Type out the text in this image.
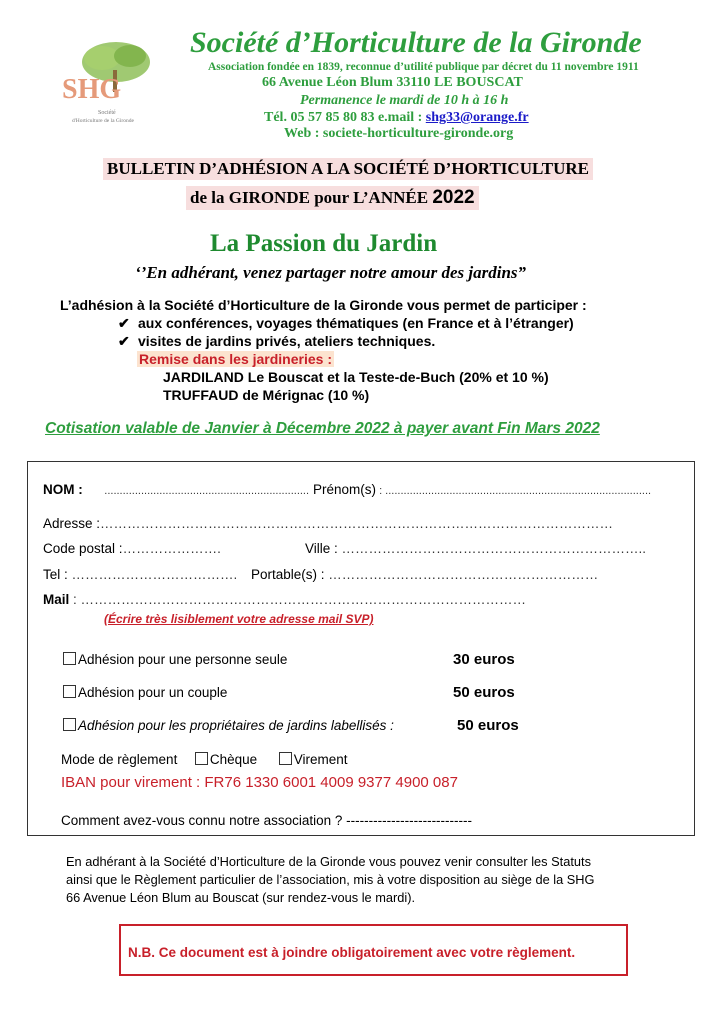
SHG
Société
d'Horticulture de la Gironde
Société d’Horticulture de la Gironde
Association fondée en 1839, reconnue d’utilité publique par décret du 11 novembre 1911
66 Avenue Léon Blum 33110 LE BOUSCAT
Permanence le mardi de 10 h à 16 h
Tél. 05 57 85 80 83 e.mail : shg33@orange.fr
Web : societe-horticulture-gironde.org
BULLETIN D’ADHÉSION A LA SOCIÉTÉ D’HORTICULTURE
de la GIRONDE pour L’ANNÉE 2022
La Passion du Jardin
‘’En adhérant, venez partager notre amour des jardins”
L’adhésion à la Société d’Horticulture de la Gironde vous permet de participer :
✔ aux conférences, voyages thématiques (en France et à l’étranger)
✔ visites de jardins privés, ateliers techniques.
Remise dans les jardineries :
JARDILAND Le Bouscat et la Teste-de-Buch (20% et 10 %)
TRUFFAUD de Mérignac (10 %)
Cotisation valable de Janvier à Décembre 2022 à payer avant Fin Mars 2022
NOM : ................................................................... Prénom(s) : .......................................................................................
Adresse :……………………………………………………………………………………………………
Code postal :………………….	Ville : …………………………………………………………..
Tel : ………………………………. Portable(s) : ……………………………………………………
Mail : ………………………………………………………………………………………
(Écrire très lisiblement votre adresse mail SVP)
Adhésion pour une personne seule	30 euros
Adhésion pour un couple	50 euros
Adhésion pour les propriétaires de jardins labellisés :	50 euros
Mode de règlement Chèque	Virement
IBAN pour virement : FR76 1330 6001 4009 9377 4900 087
Comment avez-vous connu notre association ? ----------------------------
En adhérant à la Société d’Horticulture de la Gironde vous pouvez venir consulter les Statuts
ainsi que le Règlement particulier de l’association, mis à votre disposition au siège de la SHG
66 Avenue Léon Blum au Bouscat (sur rendez-vous le mardi).
N.B. Ce document est à joindre obligatoirement avec votre règlement.
